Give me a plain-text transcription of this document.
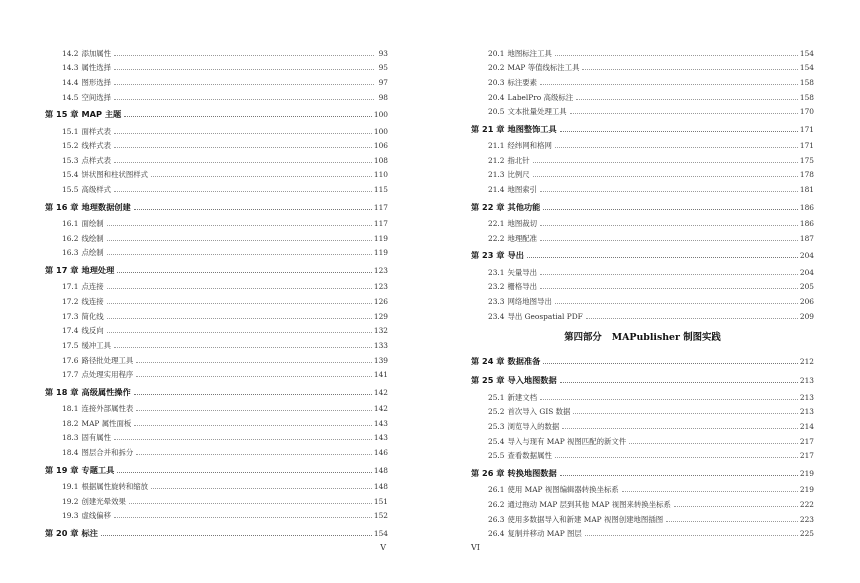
14.2 添加属性	93
14.3 属性选择	95
14.4 图形选择	97
14.5 空间选择	98
第 15 章 MAP 主题	100
15.1 面样式表	100
15.2 线样式表	106
15.3 点样式表	108
15.4 饼状图和柱状图样式	110
15.5 高级样式	115
第 16 章 地理数据创建	117
16.1 面绘制	117
16.2 线绘制	119
16.3 点绘制	119
第 17 章 地理处理	123
17.1 点连接	123
17.2 线连接	126
17.3 简化线	129
17.4 线反向	132
17.5 缓冲工具	133
17.6 路径批处理工具	139
17.7 点处理实用程序	141
第 18 章 高级属性操作	142
18.1 连接外部属性表	142
18.2 MAP 属性面板	143
18.3 固有属性	143
18.4 图层合并和拆分	146
第 19 章 专题工具	148
19.1 根据属性旋转和缩放	148
19.2 创建光晕效果	151
19.3 虚线偏移	152
第 20 章 标注	154
20.1 地图标注工具	154
20.2 MAP 等值线标注工具	154
20.3 标注要素	158
20.4 LabelPro 高级标注	158
20.5 文本批量处理工具	170
第 21 章 地图整饰工具	171
21.1 经纬网和格网	171
21.2 指北针	175
21.3 比例尺	178
21.4 地图索引	181
第 22 章 其他功能	186
22.1 地图裁切	186
22.2 地理配准	187
第 23 章 导出	204
23.1 矢量导出	204
23.2 栅格导出	205
23.3 网络地图导出	206
23.4 导出 Geospatial PDF	209
第四部分 MAPublisher 制图实践
第 24 章 数据准备	212
第 25 章 导入地图数据	213
25.1 新建文档	213
25.2 首次导入 GIS 数据	213
25.3 浏览导入的数据	214
25.4 导入与现有 MAP 视图匹配的新文件	217
25.5 查看数据属性	217
第 26 章 转换地图数据	219
26.1 使用 MAP 视图编辑器转换坐标系	219
26.2 通过拖动 MAP 层到其他 MAP 视图来转换坐标系	222
26.3 使用多数据导入和新建 MAP 视图创建地图插图	223
26.4 复制并移动 MAP 图层	225
V	VI
